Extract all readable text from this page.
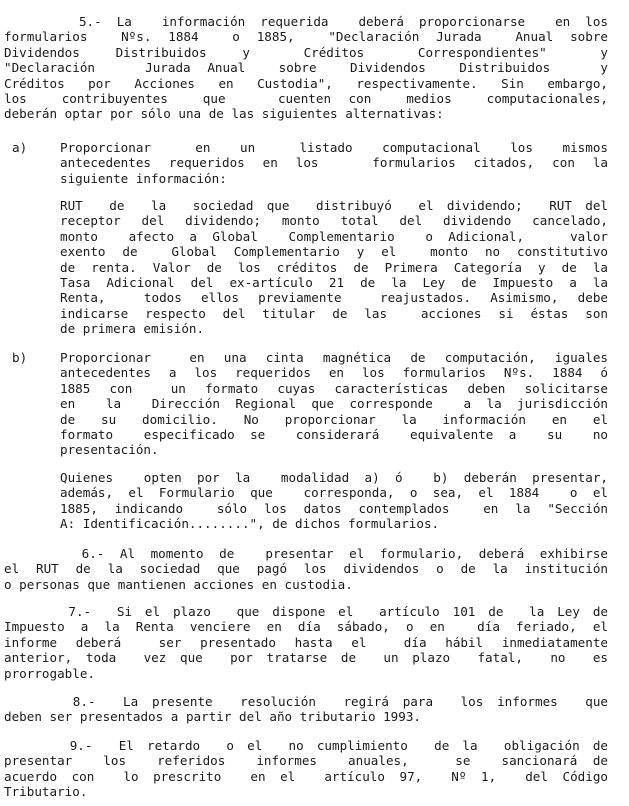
5.- La  información requerida  deberá proporcionarse  en los
formularios  Nºs. 1884  o 1885,  "Declaración Jurada  Anual sobre
Dividendos  Distribuidos  y   Créditos   Correspondientes"   y
"Declaración   Jurada Anual  sobre  Dividendos  Distribuidos   y
Créditos por Acciones en Custodia", respectivamente. Sin embargo,
los  contribuyentes  que   cuenten con  medios  computacionales,
deberán optar por sólo una de las siguientes alternativas:
a)	Proporcionar   en  un   listado  computacional  los  mismos
antecedentes requeridos en los   formularios citados, con la
siguiente información:
RUT  de  la  sociedad que  distribuyó  el dividendo;  RUT del
receptor del dividendo; monto total del dividendo cancelado,
monto  afecto a Global  Complementario  o Adicional,   valor
exento de  Global Complementario y el  monto no constitutivo
de renta. Valor de los créditos de Primera Categoría y de la
Tasa Adicional del ex-artículo 21 de la Ley de Impuesto a la
Renta,  todos ellos previamente  reajustados. Asimismo, debe
indicarse respecto del titular de las  acciones si éstas son
de primera emisión.
b)	Proporcionar  en una cinta magnética de computación, iguales
antecedentes a los requeridos en los formularios Nºs. 1884 ó
1885 con  un formato cuyas características deben solicitarse
en  la  Dirección Regional que corresponde  a la jurisdicción
de  su  domicilio.  No  proporcionar  la  información  en  el
formato  especificado se  considerará  equivalente a  su  no
presentación.
Quienes  opten por la  modalidad a) ó  b) deberán presentar,
además, el Formulario que  corresponda, o sea, el 1884  o el
1885, indicando  sólo los datos contemplados  en la "Sección
A: Identificación........", de dichos formularios.
6.- Al momento de  presentar el formulario, deberá exhibirse
el RUT de la sociedad que pagó los dividendos o de la institución
o personas que mantienen acciones en custodia.
7.-  Si el plazo  que dispone el  artículo 101 de  la Ley de
Impuesto a la Renta venciere en día sábado, o en  día feriado, el
informe deberá  ser presentado hasta el  día hábil inmediatamente
anterior, toda  vez que  por tratarse de  un plazo  fatal,  no  es
prorrogable.
8.-  La presente  resolución  regirá para  los informes  que
deben ser presentados a partir del año tributario 1993.
9.-  El retardo  o el  no cumplimiento  de la  obligación de
presentar  los  referidos  informes  anuales,   se  sancionará de
acuerdo con  lo prescrito  en el  artículo 97,  Nº 1,  del Código
Tributario.
